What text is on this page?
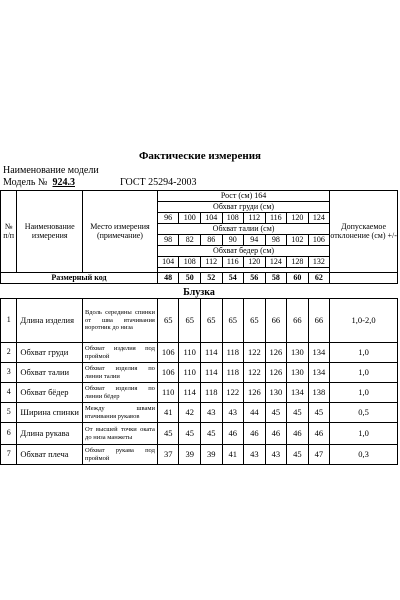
Фактические измерения
Наименование модели
Модель № 924.3	ГОСТ 25294-2003
№ п/п	Наименование измерения	Место измерения (примечание)	Рост (см) 164								Допускаемое отклонение (см) +/-
			Обхват груди (см)								
			96	100	104	108	112	116	120	124	
			Обхват талии (см)								
			98	82	86	90	94	98	102	106	
			Обхват бедер (см)								
			104	108	112	116	120	124	128	132	

Размерный код			48	50	52	54	56	58	60	62	
Блузка
1	Длина изделия	Вдоль середины спинки от шва втачивания воротник до низа	65	65	65	65	65	66	66	66	1,0-2,0
2	Обхват груди	Обхват изделия под проймой	106	110	114	118	122	126	130	134	1,0
3	Обхват талии	Обхват изделия по линии талии	106	110	114	118	122	126	130	134	1,0
4	Обхват бёдер	Обхват изделия по линии бёдер	110	114	118	122	126	130	134	138	1,0
5	Ширина спинки	Между швами втачивания рукавов	41	42	43	43	44	45	45	45	0,5
6	Длина рукава	От высшей точки оката до низа манжеты	45	45	45	46	46	46	46	46	1,0
7	Обхват плеча	Обхват рукава под проймой	37	39	39	41	43	43	45	47	0,3
